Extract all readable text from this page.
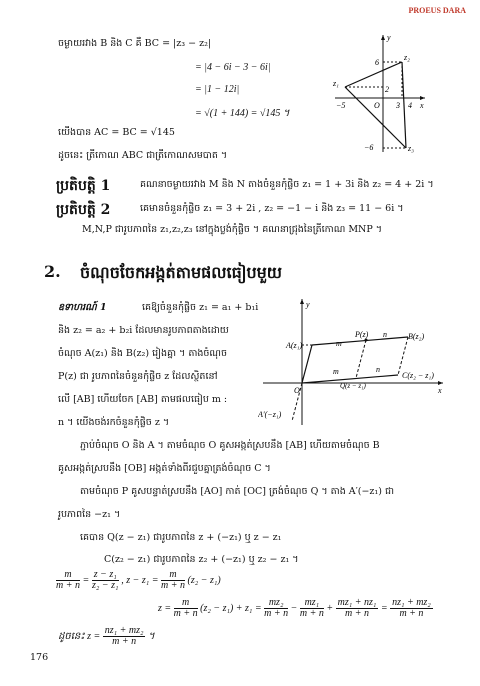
PROEUS DARA
ចម្ងាយរវាង B និង C គឺ BC = |z₃ − z₂|
= |4 − 6i − 3 − 6i|
= |1 − 12i|
= √(1 + 144) = √145 ។
យើងបាន AC = BC = √145
ដូចនេះ ត្រីកោណ ABC ជាត្រីកោណសមបាត ។
y
6
z₂
z₁
2
−5	O 3 4 x
−6	z₃
ប្រតិបត្តិ 1	គណនាចម្ងាយរវាង M និង N តាងចំនួនកុំផ្លិច z₁ = 1 + 3i និង z₂ = 4 + 2i ។
ប្រតិបត្តិ 2	គេមានចំនួនកុំផ្លិច z₁ = 3 + 2i , z₂ = −1 − i និង z₃ = 11 − 6i ។
M,N,P ជារូបភាពនៃ z₁,z₂,z₃ នៅក្នុងប្លង់កុំផ្លិច ។ គណនាជ្រុងនៃត្រីកោណ MNP ។
2. ចំណុចចែកអង្កត់តាមផលធៀបមួយ
ឧទាហរណ៍ 1	គេឱ្យចំនួនកុំផ្លិច z₁ = a₁ + b₁i
និង z₂ = a₂ + b₂i ដែលមានរូបភាពតាងដោយ
ចំណុច A(z₁) និង B(z₂) រៀងគ្នា ។ តាងចំណុច
P(z) ជា រូបភាពនៃចំនួនកុំផ្លិច z ដែលស្ថិតនៅ
លើ [AB] ហើយចែក [AB] តាមផលធៀប m :
n ។ យើងចង់រកចំនួនកុំផ្លិច z ។
y
A(z₁)	m
P(z) n	B(z₂)
m	n
Q(z − z₁)
C(z₂ − z₁)
O
A′(−z₁)
x
ភ្ជាប់ចំណុច O និង A ។ តាមចំណុច O គូសអង្កត់ស្របនឹង [AB] ហើយតាមចំណុច B
គូសអង្កត់ស្របនឹង [OB] អង្កត់ទាំងពីរជួបគ្នាត្រង់ចំណុច C ។
តាមចំណុច P គូសបន្ទាត់ស្របនឹង [AO] កាត់ [OC] ត្រង់ចំណុច Q ។ តាង A′(−z₁) ជា
រូបភាពនៃ −z₁ ។
គេបាន Q(z − z₁) ជារូបភាពនៃ z + (−z₁) ឬ z − z₁
C(z₂ − z₁) ជារូបភាពនៃ z₂ + (−z₁) ឬ z₂ − z₁ ។
$\frac{m}{m + n} = \frac{\text{z − z₁}}{\text{z₂ − z₁}}$ , $z - z_1 = \frac{m}{m + n} (z_2 - z_1)$
$z = \frac{m}{m + n} (z_2 - z_1) + z_1 = \frac{\text{mz₂}}{m + n} - \frac{\text{mz₁}}{m + n} + \frac{\text{mz₁ + nz₁}}{m + n} = \frac{\text{nz₁ + mz₂}}{m + n}$
ដូចនេះ $z = \frac{\text{nz₁ + mz₂}}{m + n}$ ។
176
